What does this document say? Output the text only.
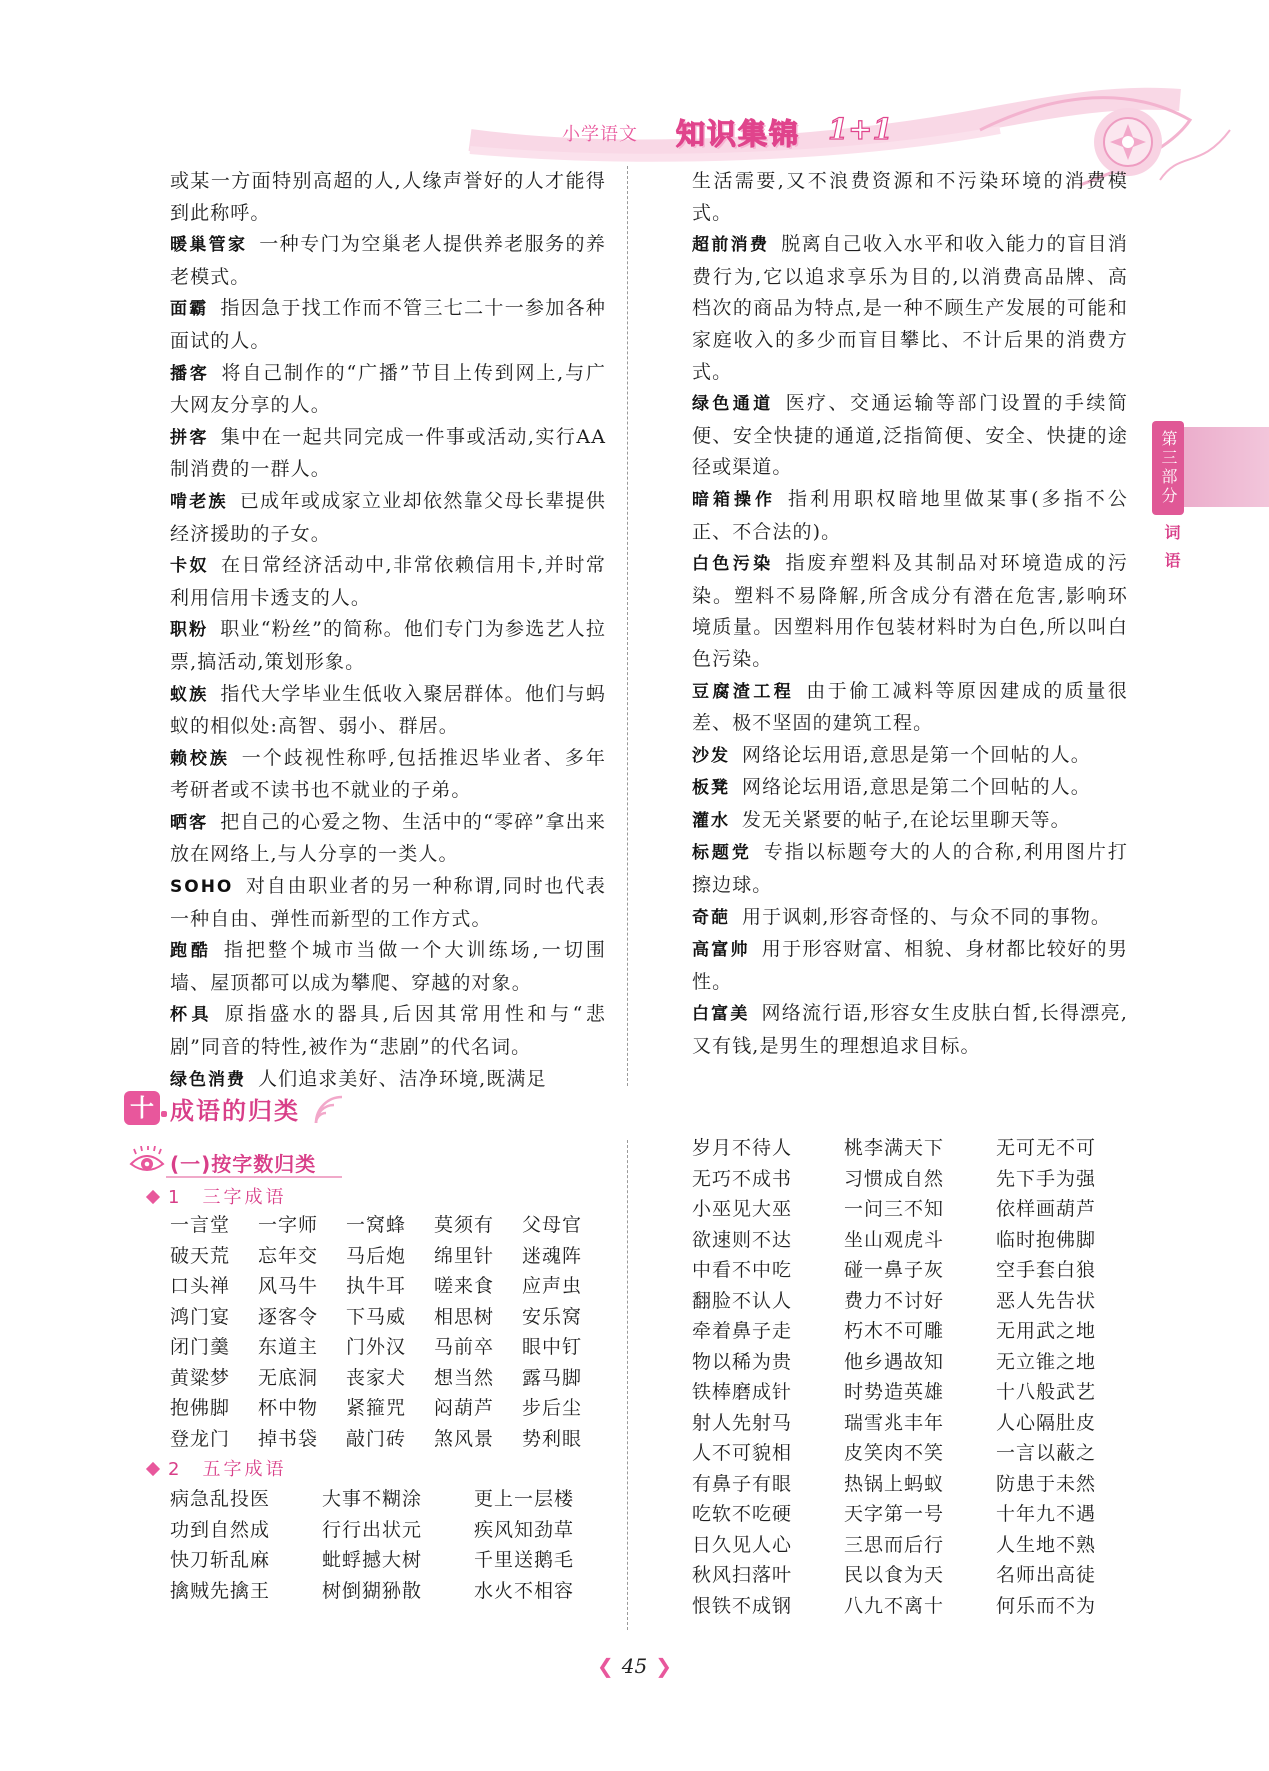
小学语文 知识集锦 1+1
第三部分
词语

或某一方面特别高超的人,人缘声誉好的人才能得到此称呼。

暖巢管家 一种专门为空巢老人提供养老服务的养老模式。

面霸 指因急于找工作而不管三七二十一参加各种面试的人。

播客 将自己制作的“广播”节目上传到网上,与广大网友分享的人。

拼客 集中在一起共同完成一件事或活动,实行AA制消费的一群人。

啃老族 已成年或成家立业却依然靠父母长辈提供经济援助的子女。

卡奴 在日常经济活动中,非常依赖信用卡,并时常利用信用卡透支的人。

职粉 职业“粉丝”的简称。他们专门为参选艺人拉票,搞活动,策划形象。

蚁族 指代大学毕业生低收入聚居群体。他们与蚂蚁的相似处:高智、弱小、群居。

赖校族 一个歧视性称呼,包括推迟毕业者、多年考研者或不读书也不就业的子弟。

晒客 把自己的心爱之物、生活中的“零碎”拿出来放在网络上,与人分享的一类人。

SOHO 对自由职业者的另一种称谓,同时也代表一种自由、弹性而新型的工作方式。

跑酷 指把整个城市当做一个大训练场,一切围墙、屋顶都可以成为攀爬、穿越的对象。

杯具 原指盛水的器具,后因其常用性和与“悲剧”同音的特性,被作为“悲剧”的代名词。

绿色消费 人们追求美好、洁净环境,既满足

生活需要,又不浪费资源和不污染环境的消费模式。

超前消费 脱离自己收入水平和收入能力的盲目消费行为,它以追求享乐为目的,以消费高品牌、高档次的商品为特点,是一种不顾生产发展的可能和家庭收入的多少而盲目攀比、不计后果的消费方式。

绿色通道 医疗、交通运输等部门设置的手续简便、安全快捷的通道,泛指简便、安全、快捷的途径或渠道。

暗箱操作 指利用职权暗地里做某事(多指不公正、不合法的)。

白色污染 指废弃塑料及其制品对环境造成的污染。塑料不易降解,所含成分有潜在危害,影响环境质量。因塑料用作包装材料时为白色,所以叫白色污染。

豆腐渣工程 由于偷工减料等原因建成的质量很差、极不坚固的建筑工程。

沙发 网络论坛用语,意思是第一个回帖的人。

板凳 网络论坛用语,意思是第二个回帖的人。

灌水 发无关紧要的帖子,在论坛里聊天等。

标题党 专指以标题夸大的人的合称,利用图片打擦边球。

奇葩 用于讽刺,形容奇怪的、与众不同的事物。

高富帅 用于形容财富、相貌、身材都比较好的男性。

白富美 网络流行语,形容女生皮肤白皙,长得漂亮,又有钱,是男生的理想追求目标。

十 成语的归类
(一)按字数归类
1 三字成语
一言堂 一字师 一窝蜂 莫须有 父母官
破天荒 忘年交 马后炮 绵里针 迷魂阵
口头禅 风马牛 执牛耳 嗟来食 应声虫
鸿门宴 逐客令 下马威 相思树 安乐窝
闭门羹 东道主 门外汉 马前卒 眼中钉
黄粱梦 无底洞 丧家犬 想当然 露马脚
抱佛脚 杯中物 紧箍咒 闷葫芦 步后尘
登龙门 掉书袋 敲门砖 煞风景 势利眼
2 五字成语
病急乱投医	大事不糊涂	更上一层楼
功到自然成	行行出状元	疾风知劲草
快刀斩乱麻	蚍蜉撼大树	千里送鹅毛
擒贼先擒王	树倒猢狲散	水火不相容
岁月不待人	桃李满天下	无可无不可
无巧不成书	习惯成自然	先下手为强
小巫见大巫	一问三不知	依样画葫芦
欲速则不达	坐山观虎斗	临时抱佛脚
中看不中吃	碰一鼻子灰	空手套白狼
翻脸不认人	费力不讨好	恶人先告状
牵着鼻子走	朽木不可雕	无用武之地
物以稀为贵	他乡遇故知	无立锥之地
铁棒磨成针	时势造英雄	十八般武艺
射人先射马	瑞雪兆丰年	人心隔肚皮
人不可貌相	皮笑肉不笑	一言以蔽之
有鼻子有眼	热锅上蚂蚁	防患于未然
吃软不吃硬	天字第一号	十年九不遇
日久见人心	三思而后行	人生地不熟
秋风扫落叶	民以食为天	名师出高徒
恨铁不成钢	八九不离十	何乐而不为
❮ 45 ❯
